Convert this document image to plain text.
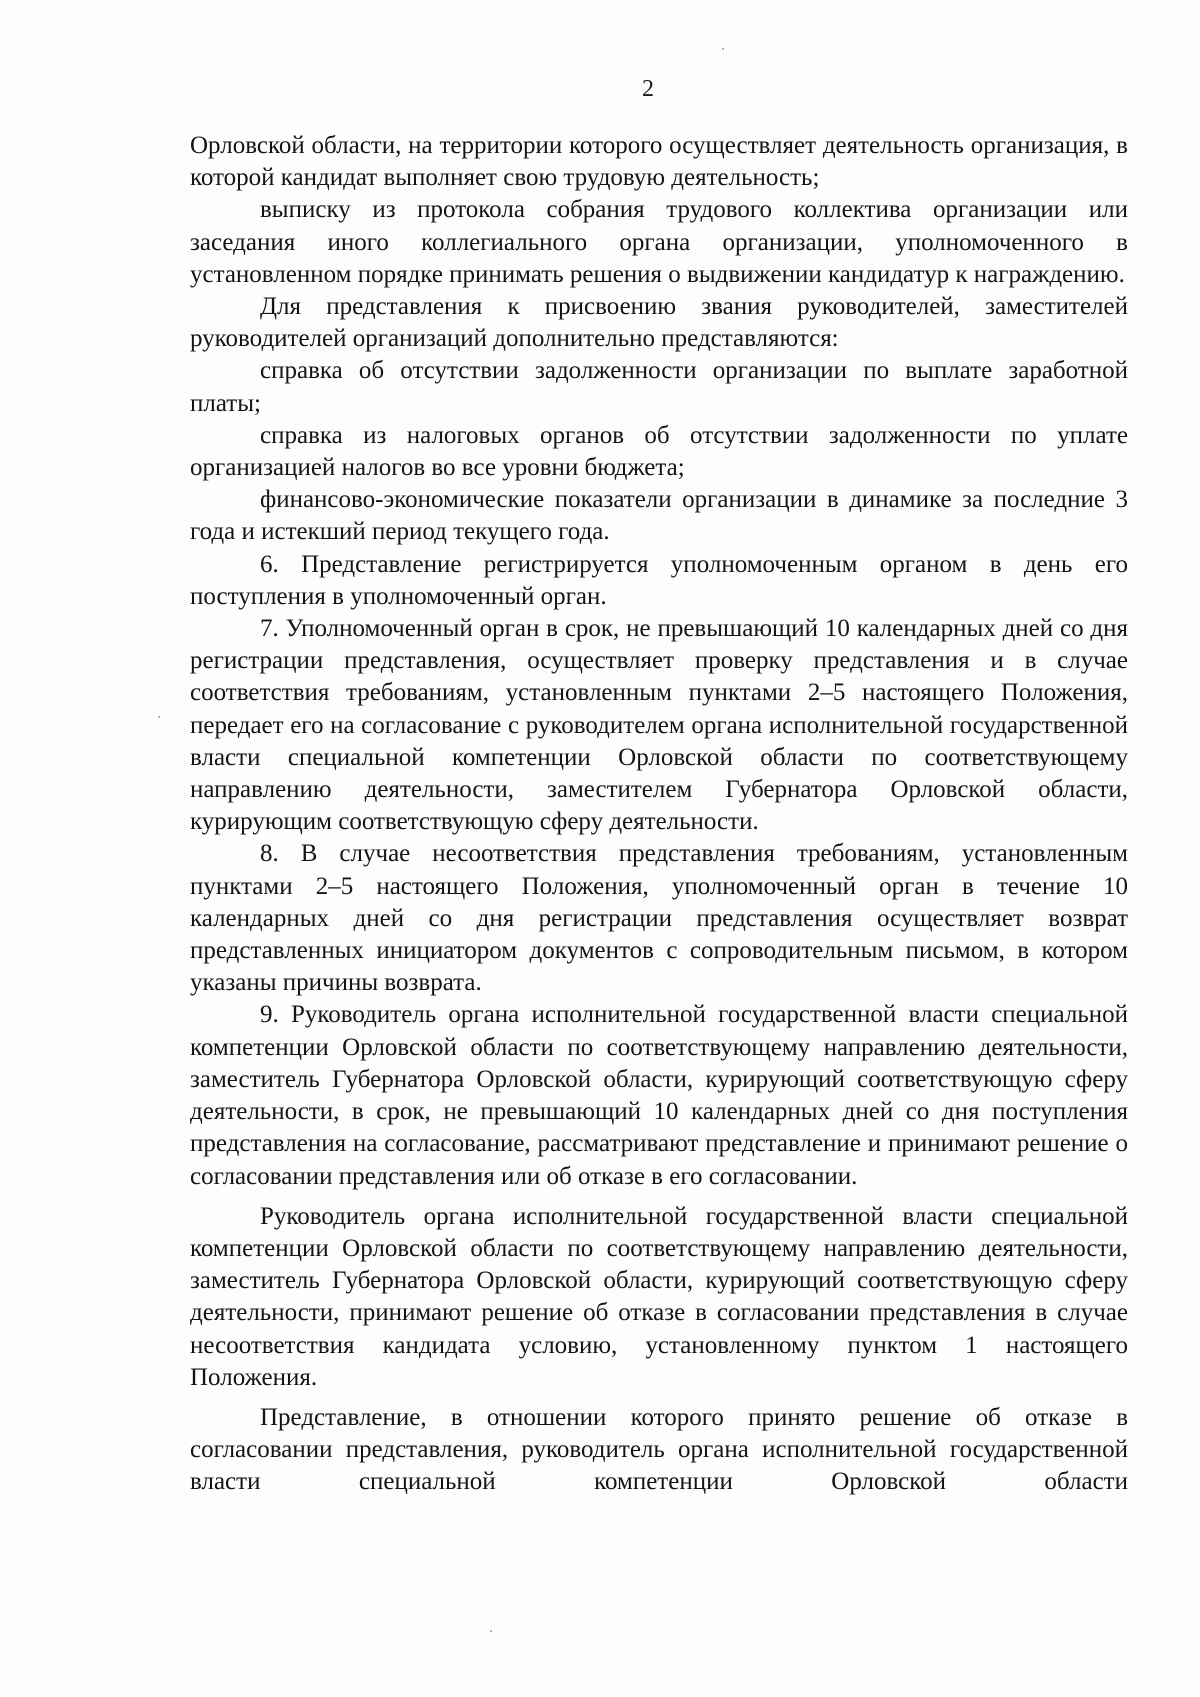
2

Орловской области, на территории которого осуществляет деятельность организация, в которой кандидат выполняет свою трудовую деятельность;

выписку из протокола собрания трудового коллектива организации или заседания иного коллегиального органа организации, уполномоченного в установленном порядке принимать решения о выдвижении кандидатур к награждению.

Для представления к присвоению звания руководителей, заместителей руководителей организаций дополнительно представляются:

справка об отсутствии задолженности организации по выплате заработной платы;

справка из налоговых органов об отсутствии задолженности по уплате организацией налогов во все уровни бюджета;

финансово-экономические показатели организации в динамике за последние 3 года и истекший период текущего года.

6. Представление регистрируется уполномоченным органом в день его поступления в уполномоченный орган.

7. Уполномоченный орган в срок, не превышающий 10 календарных дней со дня регистрации представления, осуществляет проверку представления и в случае соответствия требованиям, установленным пунктами 2–5 настоящего Положения, передает его на согласование с руководителем органа исполнительной государственной власти специальной компетенции Орловской области по соответствующему направлению деятельности, заместителем Губернатора Орловской области, курирующим соответствующую сферу деятельности.

8. В случае несоответствия представления требованиям, установленным пунктами 2–5 настоящего Положения, уполномоченный орган в течение 10 календарных дней со дня регистрации представления осуществляет возврат представленных инициатором документов с сопроводительным письмом, в котором указаны причины возврата.

9. Руководитель органа исполнительной государственной власти специальной компетенции Орловской области по соответствующему направлению деятельности, заместитель Губернатора Орловской области, курирующий соответствующую сферу деятельности, в срок, не превышающий 10 календарных дней со дня поступления представления на согласование, рассматривают представление и принимают решение о согласовании представления или об отказе в его согласовании.

Руководитель органа исполнительной государственной власти специальной компетенции Орловской области по соответствующему направлению деятельности, заместитель Губернатора Орловской области, курирующий соответствующую сферу деятельности, принимают решение об отказе в согласовании представления в случае несоответствия кандидата условию, установленному пунктом 1 настоящего Положения.

Представление, в отношении которого принято решение об отказе в согласовании представления, руководитель органа исполнительной государственной власти специальной компетенции Орловской области
